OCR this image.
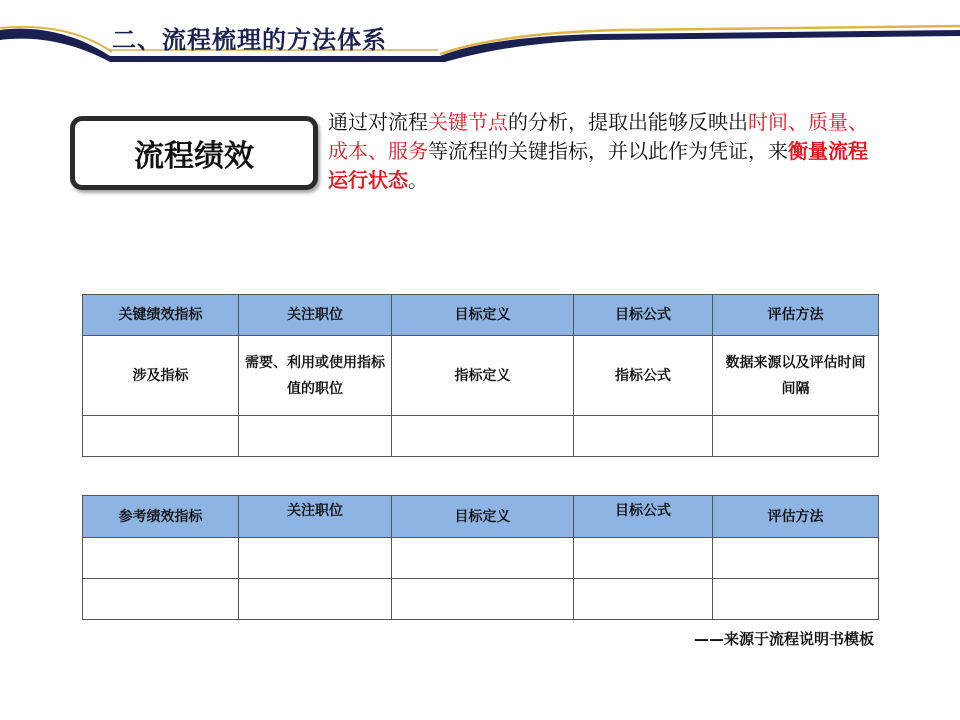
二、流程梳理的方法体系
流程绩效
通过对流程关键节点的分析，提取出能够反映出时间、质量、成本、服务等流程的关键指标，并以此作为凭证，来衡量流程运行状态。
关键绩效指标	关注职位	目标定义	目标公式	评估方法
涉及指标	需要、利用或使用指标值的职位	指标定义	指标公式	数据来源以及评估时间间隔

参考绩效指标	关注职位	目标定义	目标公式	评估方法

——来源于流程说明书模板
